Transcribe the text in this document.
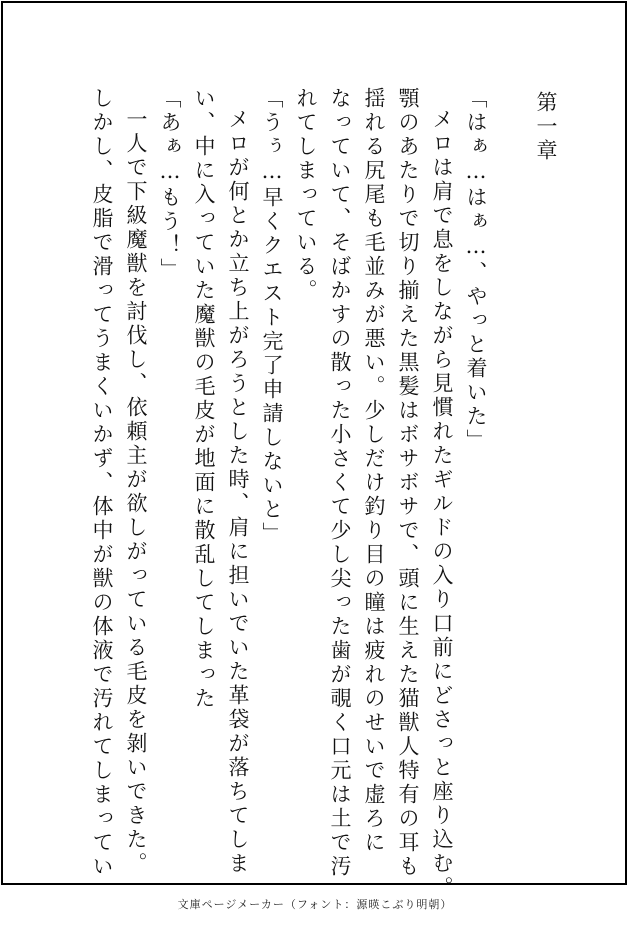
第一章
「はぁ…はぁ…、やっと着いた」
メロは肩で息をしながら見慣れたギルドの入り口前にどさっと座り込む。
顎のあたりで切り揃えた黒髪はボサボサで、頭に生えた猫獣人特有の耳も
揺れる尻尾も毛並みが悪い。少しだけ釣り目の瞳は疲れのせいで虚ろに
なっていて、そばかすの散った小さくて少し尖った歯が覗く口元は土で汚
れてしまっている。
「うぅ…早くクエスト完了申請しないと」
メロが何とか立ち上がろうとした時、肩に担いでいた革袋が落ちてしま
い、中に入っていた魔獣の毛皮が地面に散乱してしまった
「あぁ…もう！」
一人で下級魔獣を討伐し、依頼主が欲しがっている毛皮を剝いできた。
しかし、皮脂で滑ってうまくいかず、体中が獣の体液で汚れてしまってい
文庫ページメーカー（フォント：源暎こぶり明朝）
